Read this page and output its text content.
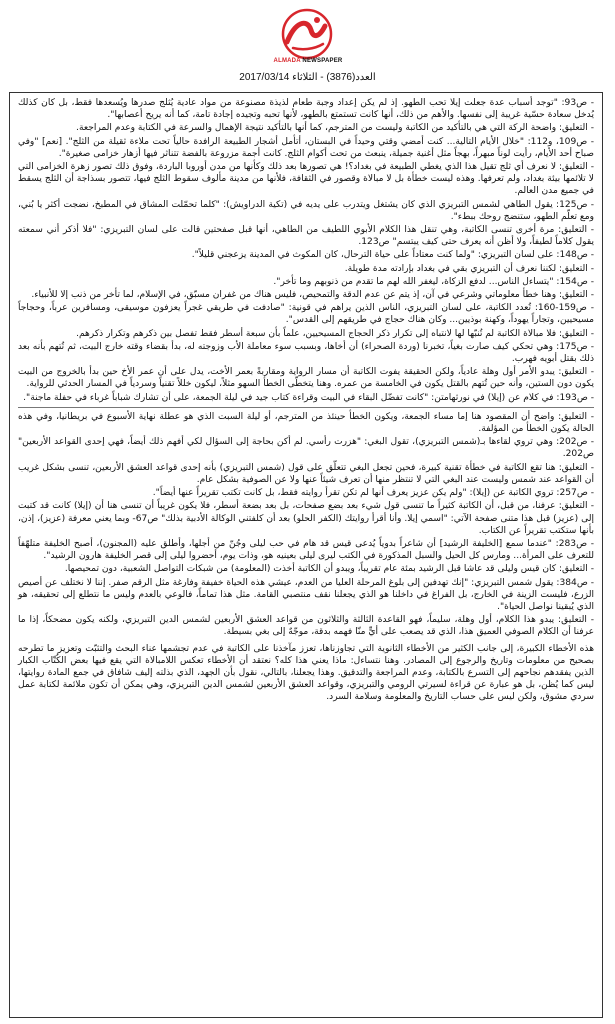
ALMADA NEWSPAPER
العدد(3876) - الثلاثاء 2017/03/14

- ص93: "توجد أسباب عدة جعلت إيلا تحب الطهو. إذ لم يكن إعداد وجبة طعام لذيذة مصنوعة من مواد عادية يُثلج صدرها ويُسعدها فقط، بل كان كذلك يُدخل سعادة حسّية غريبة إلى نفسها. والأهم من ذلك، أنها كانت تستمتع بالطهو، لأنها تحبه وتجيده إجادة تامة، كما أنه يريح أعصابها".

- التعليق: واضحة الركة التي هي بالتأكيد من الكاتبة وليست من المترجم، كما أنها بالتأكيد نتيجة الإهمال والسرعة في الكتابة وعدم المراجعة.

- ص109، و112: "خلال الأيام التالية... كنت أمضي وقتي وحيداً في البستان، أتأمل أشجار الطبيعة الرافدة حالياً تحت ملاءة ثقيلة من الثلج". [نعم] "وفي صباح أحد الأيام، رأيت لوناً مبهراً، بهجاً مثل أغنية جميلة، ينبعث من تحت أكوام الثلج. كانت أجمة مزروعة بالفضة تتناثر فيها أزهار خزامى صغيرة".

- التعليق: لا نعرف أي ثلج تقيل هذا الذي يغطي الطبيعة في بغداد؟! هي تصورها بعد ذلك وكأنها من مدن أوروبا الباردة، وفوق ذلك تصور زهرة الخزامى التي لا تلائمها بيئة بغداد، ولم تعرفها. وهذه ليست خطأة بل لا مبالاة وقصور في الثقافة، فلأنها من مدينة مألوف سقوط الثلج فيها، تتصور بسذاجة أن الثلج يسقط في جميع مدن العالم.

- ص125: يقول الطاهي لشمس التبريزي الذي كان يشتغل ويتدرب على يديه في (تكية الدراويش): "كلما تحمّلت المشاق في المطبخ، نضجت أكثر يا بُني، ومع تعلّم الطهو، ستنضج روحك ببطء".

- التعليق: مرة أخرى تنسى الكاتبة، وهي تنقل هذا الكلام الأبوي اللطيف من الطاهي، أنها قبل صفحتين قالت على لسان التبريزي: "فلا أذكر أني سمعته يقول كلاماً لطيفاً، ولا أظن أنه يعرف حتى كيف يبتسم" ص123.

- ص148: على لسان التبريزي: "ولما كنت معتاداً على حياة الترحال، كان المكوث في المدينة يزعجني قليلاً".

- التعليق: لكننا نعرف أن التبريزي بقي في بغداد بإرادته مدة طويلة.

- ص154: "يتساءل الناس... لدفع الزكاة، ليغفر الله لهم ما تقدم من ذنوبهم وما تأخر".

- التعليق: وهنا خطأ معلوماتي وشرعي في آن، إذ يتم عن عدم الدقة والتمحيص، فليس هناك من غفران مسبّق، في الإسلام، لما تأخر من ذنب إلا للأنبياء.

- ص159-160: تُعدد الكاتبة، على لسان التبريزي، الناس الذين يراهم في قونية: "صادفت في طريقي غجراً يعزفون موسيقى، ومسافرين عرباً، وحجاجاً مسيحيين، وتجاراً يهوداً، وكهنة بوذيين... وكان هناك حجاج في طريقهم إلى القدس".

- التعليق: فلا مبالاة الكاتبة لم تُنبّها لها لانتباه إلى تكرار ذكر الحجاج المسيحيين، علماً بأن سبعة أسطر فقط تفصل بين ذكرهم وتكرار ذكرهم.

- ص175: وهي تحكي كيف صارت بغياً، تخبرنا (وردة الصحراء) أن أخاها، وبسبب سوء معاملة الأب وزوجته له، بدأ بقضاء وقته خارج البيت، ثم تُتهم بأنه بعد ذلك بقتل أبويه فهرب.

- التعليق: يبدو الأمر أول وهلة عادياً، ولكن الحقيقة يفوت الكاتبة أن مسار الرواية ومقاربةً بعمر الأخت، يدل على أن عمر الأخ حين بدأ بالخروج من البيت يكون دون الستين، وأنه حين تُتهم بالقتل يكون في الخامسة من عمره. وهنا يتخطّى الخطأ السهو مثلاً، ليكون خللاً تقنياً وسردياً في المسار الحدثي للرواية.

- ص193: في كلام عن (إيلا) في نورثهامتن: "كانت تفضّل البقاء في البيت وقراءة كتاب جيد في ليلة الجمعة، على أن تشارك شباباً غرباء في حفلة ماجنة".

- التعليق: واضح أن المقصود هنا إما مساء الجمعة، ويكون الخطأ حينئذ من المترجم، أو ليلة السبت الذي هو عطلة نهاية الأسبوع في بريطانيا، وفي هذه الحالة يكون الخطأ من المؤلفة.

- ص202: وهي تروي لقاءها بـ(شمس التبريزي)، تقول البغي: "هزرت رأسي. لم أكن بحاجة إلى السؤال لكي أفهم ذلك أيضاً، فهي إحدى القواعد الأربعين" ص202.

- التعليق: هنا تقع الكاتبة في خطأة تقنية كبيرة، فحين تجعل البغي تتعلّق على قول (شمس التبريزي) بأنه إحدى قواعد العشق الأربعين، تنسى بشكل غريب أن القواعد عند شمس وليست عند البغي التي لا تنتظر منها أن تعرف شيئاً عنها ولا عن الصوفية بشكل عام.

- ص257: تروي الكاتبة عن (إيلا): "ولم يكن عزيز يعرف أنها لم تكن تقرأ روايته فقط، بل كانت تكتب تقريراً عنها أيضاً".

- التعليق: عرفنا، من قبل، أن الكاتبة كثيراً ما تنسى قول شيء بعد بضع صفحات، بل بعد بضعة أسطر، فلا يكون غريباً أن تنسى هنا أن (إيلا) كانت قد كتبت إلى (عزيز) قبل هذا متنى صفحة الآتي: "اسمي إيلا. وأنا أقرأ روايتك (الكفر الحلو) بعد أن كلفتني الوكالة الأدبية بذلك" ص67- وبما يعني معرفة (عزيز)، إذن، بأنها ستكتب تقريراً عن الكتاب.

- ص283: "عندما سمع [الخليفة الرشيد] أن شاعراً بدوياً يُدعى قيس قد هام في حب ليلى وجُنّ من أجلها، وأطلق عليه (المجنون)، أصبح الخليفة متلهّفاً للتعرف على المرأة... ومارس كل الحيل والسبل المذكورة في الكتب ليرى ليلى بعينيه هو، وذات يوم، أحضروا ليلى إلى قصر الخليفة هارون الرشيد".

- التعليق: كان قيس وليلى قد عاشا قبل الرشيد بمئة عام تقريباً، ويبدو أن الكاتبة أخذت (المعلومة) من شبكات التواصل الشعبية، دون تمحيصها.

- ص384: يقول شمس التبريزي: "إنك تهدفين إلى بلوغ المرحلة العليا من العدم، عيشي هذه الحياة خفيفة وفارغة مثل الرقم صفر. إننا لا نختلف عن أصيص الزرع، فليست الزينة في الخارج، بل الفراغ في داخلنا هو الذي يجعلنا نقف منتصبي القامة. مثل هذا تماماً، فالوعي بالعدم وليس ما نتطلع إلى تحقيقه، هو الذي يُبقينا نواصل الحياة".

- التعليق: يبدو هذا الكلام، أول وهلة، سليماً، فهو القاعدة الثالثة والثلاثون من قواعد العشق الأربعين لشمس الدين التبريزي، ولكنه يكون مضحكاً، إذا ما عرفنا أن الكلام الصوفي العميق هذا، الذي قد يصعب على أيٍّ منّا فهمه بدقة، موجّهٌ إلى بغي بسيطة.

هذه الأخطاء الكبيرة، إلى جانب الكثير من الأخطاء الثانوية التي تجاوزناها، تعزز مآخذنا على الكاتبة في عدم تجشمها عناء البحث والتثبّت وتعزيز ما تطرحه بصحيح من معلومات وتاريخ والرجوع إلى المصادر. وهنا نتساءل: ماذا يعني هذا كله؟ نعتقد أن الأخطاء تعكس اللامبالاة التي يقع فيها بعض الكُتّاب الكبار الذين يفقدهم نجاحهم إلى التسرع بالكتابة، وعدم المراجعة والتدقيق. وهذا يجعلنا، بالتالي، نقول بأن الجهد، الذي بذلته إليف شافاق في جمع المادة روايتها، ليس كما يُظن، بل هو عبارة عن قراءة لسيرتي الرومي والتبريزي، وقواعد العشق الأربعين لشمس الدين التبريزي، وهي يمكن أن تكون ملائمة لكتابة عمل سردي مشوق، ولكن ليس على حساب التاريخ والمعلومة وسلامة السرد.
